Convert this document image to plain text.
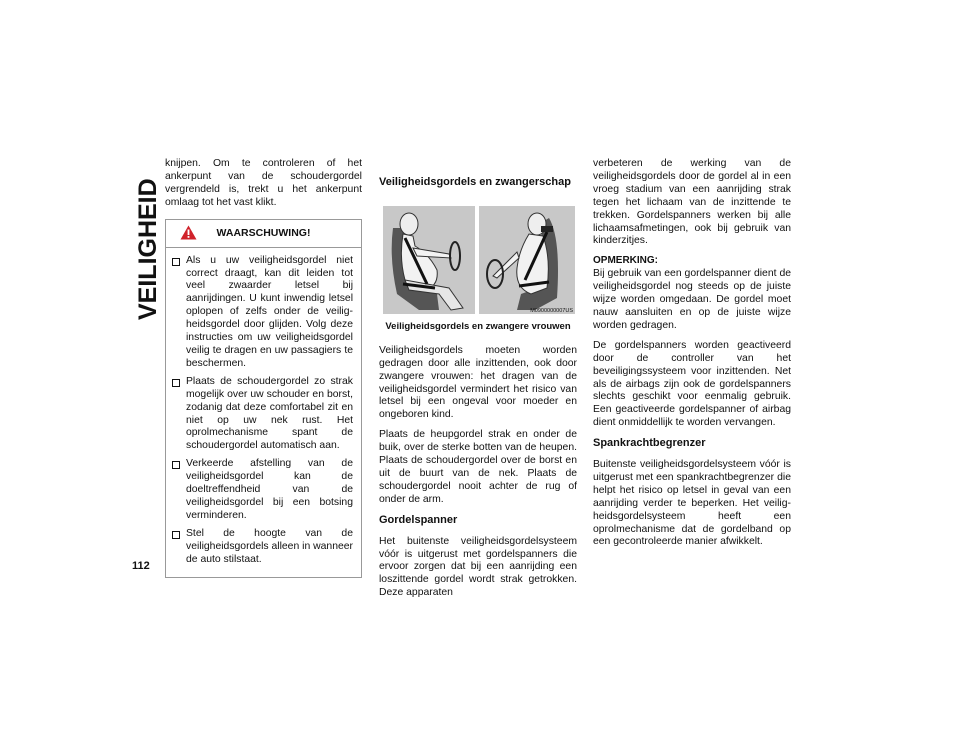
VEILIGHEID

knijpen. Om te controleren of het ankerpunt van de schoudergordel vergrendeld is, trekt u het ankerpunt omlaag tot het vast klikt.

WAARSCHUWING!
Als u uw veiligheidsgordel niet correct draagt, kan dit leiden tot veel zwaarder letsel bij aanrijdingen. U kunt inwendig letsel oplopen of zelfs onder de veiligheidsgordel door glijden. Volg deze instructies om uw veiligheidsgordel veilig te dragen en uw passagiers te beschermen.
Plaats de schoudergordel zo strak mogelijk over uw schouder en borst, zodanig dat deze comfortabel zit en niet op uw nek rust. Het oprolmechanisme spant de schoudergordel automatisch aan.
Verkeerde afstelling van de veiligheidsgordel kan de doeltreffendheid van de veiligheidsgordel bij een botsing verminderen.
Stel de hoogte van de veiligheidsgordels alleen in wanneer de auto stilstaat.
Veiligheidsgordels en zwangerschap
M0900000007US
Veiligheidsgordels en zwangere vrouwen

Veiligheidsgordels moeten worden gedragen door alle inzittenden, ook door zwangere vrouwen: het dragen van de veiligheidsgordel vermindert het risico van letsel bij een ongeval voor moeder en ongeboren kind.

Plaats de heupgordel strak en onder de buik, over de sterke botten van de heupen. Plaats de schoudergordel over de borst en uit de buurt van de nek. Plaats de schoudergordel nooit achter de rug of onder de arm.

Gordelspanner

Het buitenste veiligheidsgordelsysteem vóór is uitgerust met gordelspanners die ervoor zorgen dat bij een aanrijding een loszittende gordel wordt strak getrokken. Deze apparaten

verbeteren de werking van de veiligheidsgordels door de gordel al in een vroeg stadium van een aanrijding strak tegen het lichaam van de inzittende te trekken. Gordelspanners werken bij alle lichaamsafmetingen, ook bij gebruik van kinderzitjes.

OPMERKING:

Bij gebruik van een gordelspanner dient de veiligheidsgordel nog steeds op de juiste wijze worden omgedaan. De gordel moet nauw aansluiten en op de juiste wijze worden gedragen.

De gordelspanners worden geactiveerd door de controller van het beveiligingssysteem voor inzittenden. Net als de airbags zijn ook de gordelspanners slechts geschikt voor eenmalig gebruik. Een geactiveerde gordelspanner of airbag dient onmiddellijk te worden vervangen.

Spankrachtbegrenzer

Buitenste veiligheidsgordelsysteem vóór is uitgerust met een spankrachtbegrenzer die helpt het risico op letsel in geval van een aanrijding verder te beperken. Het veiligheidsgordelsysteem heeft een oprolmechanisme dat de gordelband op een gecontroleerde manier afwikkelt.

112
